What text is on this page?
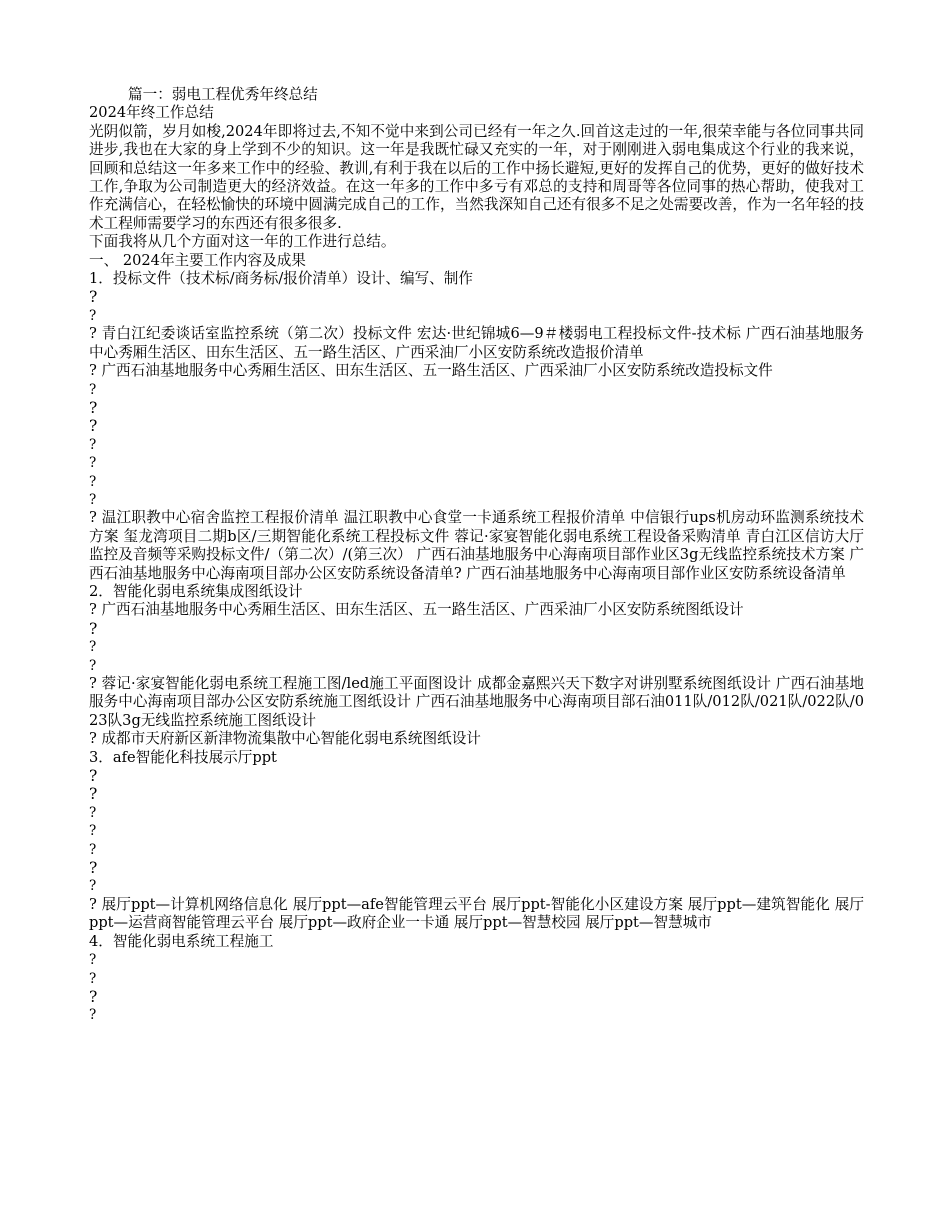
篇一：弱电工程优秀年终总结

2024年终工作总结

光阴似箭，岁月如梭,2024年即将过去,不知不觉中来到公司已经有一年之久.回首这走过的一年,很荣幸能与各位同事共同进步,我也在大家的身上学到不少的知识。这一年是我既忙碌又充实的一年，对于刚刚进入弱电集成这个行业的我来说，回顾和总结这一年多来工作中的经验、教训,有利于我在以后的工作中扬长避短,更好的发挥自己的优势，更好的做好技术工作,争取为公司制造更大的经济效益。在这一年多的工作中多亏有邓总的支持和周哥等各位同事的热心帮助，使我对工作充满信心，在轻松愉快的环境中圆满完成自己的工作，当然我深知自己还有很多不足之处需要改善，作为一名年轻的技术工程师需要学习的东西还有很多很多.

下面我将从几个方面对这一年的工作进行总结。

一、 2024年主要工作内容及成果

1．投标文件（技术标/商务标/报价清单）设计、编写、制作

?

?

? 青白江纪委谈话室监控系统（第二次）投标文件 宏达·世纪锦城6—9＃楼弱电工程投标文件-技术标 广西石油基地服务中心秀厢生活区、田东生活区、五一路生活区、广西采油厂小区安防系统改造报价清单

? 广西石油基地服务中心秀厢生活区、田东生活区、五一路生活区、广西采油厂小区安防系统改造投标文件

?

?

?

?

?

?

?

? 温江职教中心宿舍监控工程报价清单 温江职教中心食堂一卡通系统工程报价清单 中信银行ups机房动环监测系统技术方案 玺龙湾项目二期b区/三期智能化系统工程投标文件 蓉记·家宴智能化弱电系统工程设备采购清单 青白江区信访大厅监控及音频等采购投标文件/（第二次）/(第三次） 广西石油基地服务中心海南项目部作业区3g无线监控系统技术方案 广西石油基地服务中心海南项目部办公区安防系统设备清单? 广西石油基地服务中心海南项目部作业区安防系统设备清单

2．智能化弱电系统集成图纸设计

? 广西石油基地服务中心秀厢生活区、田东生活区、五一路生活区、广西采油厂小区安防系统图纸设计

?

?

?

? 蓉记·家宴智能化弱电系统工程施工图/led施工平面图设计 成都金嘉熙兴天下数字对讲别墅系统图纸设计 广西石油基地服务中心海南项目部办公区安防系统施工图纸设计 广西石油基地服务中心海南项目部石油011队/012队/021队/022队/023队3g无线监控系统施工图纸设计

? 成都市天府新区新津物流集散中心智能化弱电系统图纸设计

3．afe智能化科技展示厅ppt

?

?

?

?

?

?

?

? 展厅ppt—计算机网络信息化 展厅ppt—afe智能管理云平台 展厅ppt-智能化小区建设方案 展厅ppt—建筑智能化 展厅ppt—运营商智能管理云平台 展厅ppt—政府企业一卡通 展厅ppt—智慧校园 展厅ppt—智慧城市

4．智能化弱电系统工程施工

?

?

?

?
